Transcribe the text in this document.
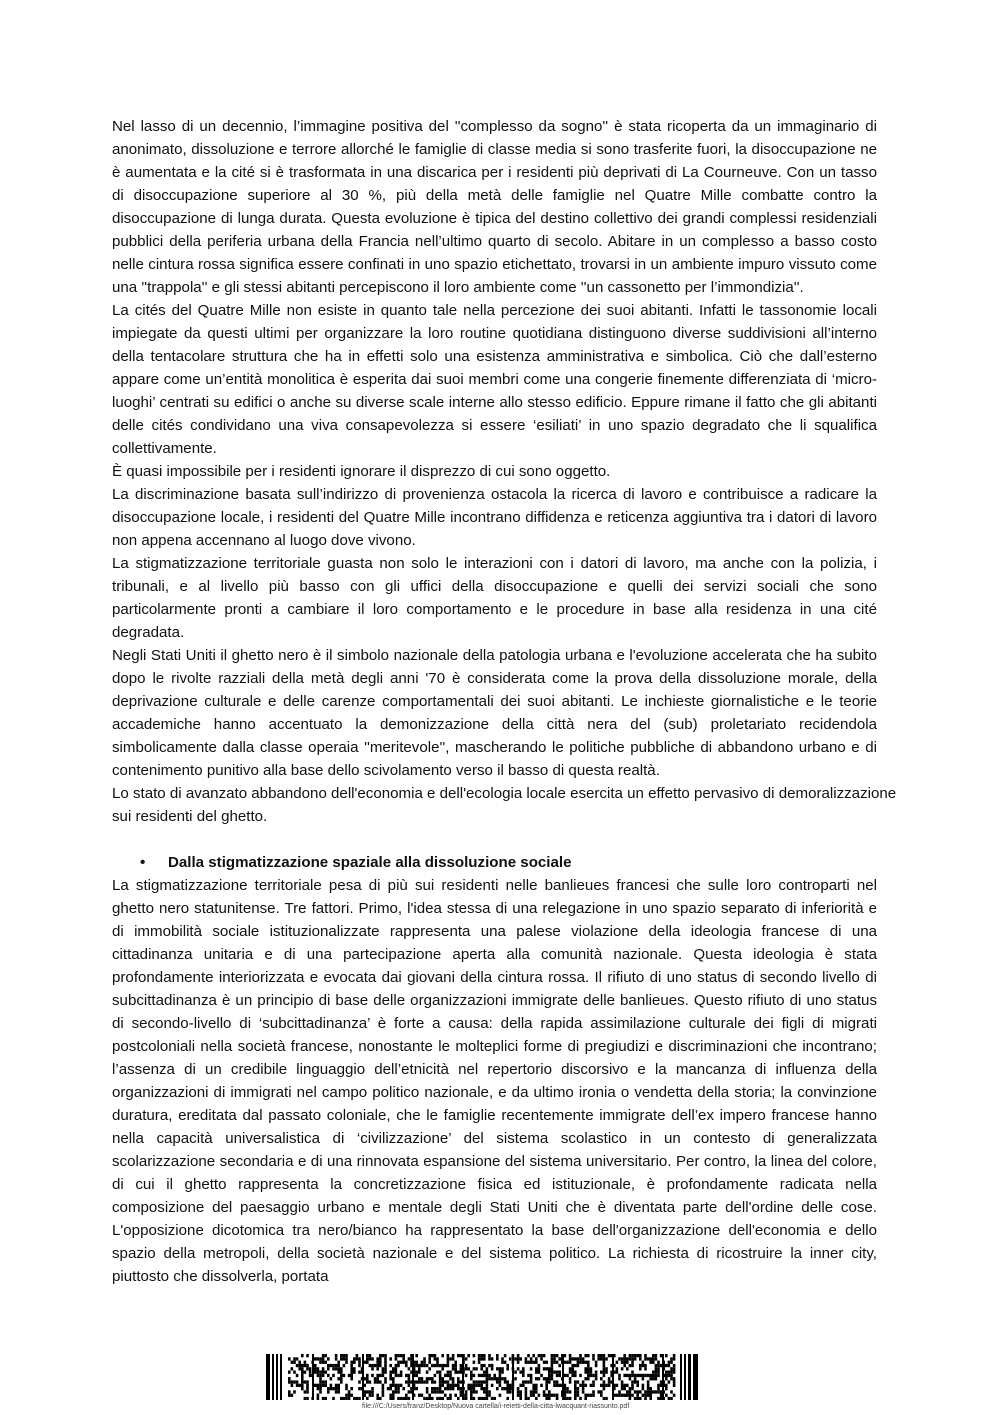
Nel lasso di un decennio, l’immagine positiva del ''complesso da sogno'' è stata ricoperta da un immaginario di anonimato, dissoluzione e terrore allorché le famiglie di classe media si sono trasferite fuori, la disoccupazione ne è aumentata e la cité si è trasformata in una discarica per i residenti più deprivati di La Courneuve. Con un tasso di disoccupazione superiore al 30 %, più della metà delle famiglie nel Quatre Mille combatte contro la disoccupazione di lunga durata. Questa evoluzione è tipica del destino collettivo dei grandi complessi residenziali pubblici della periferia urbana della Francia nell’ultimo quarto di secolo. Abitare in un complesso a basso costo nelle cintura rossa significa essere confinati in uno spazio etichettato, trovarsi in un ambiente impuro vissuto come una ''trappola'' e gli stessi abitanti percepiscono il loro ambiente come ''un cassonetto per l’immondizia''.

La cités del Quatre Mille non esiste in quanto tale nella percezione dei suoi abitanti. Infatti le tassonomie locali impiegate da questi ultimi per organizzare la loro routine quotidiana distinguono diverse suddivisioni all’interno della tentacolare struttura che ha in effetti solo una esistenza amministrativa e simbolica. Ciò che dall’esterno appare come un’entità monolitica è esperita dai suoi membri come una congerie finemente differenziata di ‘micro-luoghi’ centrati su edifici o anche su diverse scale interne allo stesso edificio. Eppure rimane il fatto che gli abitanti delle cités condividano una viva consapevolezza si essere ‘esiliati’ in uno spazio degradato che li squalifica collettivamente.

È quasi impossibile per i residenti ignorare il disprezzo di cui sono oggetto.

La discriminazione basata sull’indirizzo di provenienza ostacola la ricerca di lavoro e contribuisce a radicare la disoccupazione locale, i residenti del Quatre Mille incontrano diffidenza e reticenza aggiuntiva tra i datori di lavoro non appena accennano al luogo dove vivono.

La stigmatizzazione territoriale guasta non solo le interazioni con i datori di lavoro, ma anche con la polizia, i tribunali, e al livello più basso con gli uffici della disoccupazione e quelli dei servizi sociali che sono particolarmente pronti a cambiare il loro comportamento e le procedure in base alla residenza in una cité degradata.

Negli Stati Uniti il ghetto nero è il simbolo nazionale della patologia urbana e l'evoluzione accelerata che ha subito dopo le rivolte razziali della metà degli anni '70 è considerata come la prova della dissoluzione morale, della deprivazione culturale e delle carenze comportamentali dei suoi abitanti. Le inchieste giornalistiche e le teorie accademiche hanno accentuato la demonizzazione della città nera del (sub) proletariato recidendola simbolicamente dalla classe operaia ''meritevole'', mascherando le politiche pubbliche di abbandono urbano e di contenimento punitivo alla base dello scivolamento verso il basso di questa realtà.

Lo stato di avanzato abbandono dell'economia e dell'ecologia locale esercita un effetto pervasivo di demoralizzazione sui residenti del ghetto.

• Dalla stigmatizzazione spaziale alla dissoluzione sociale

La stigmatizzazione territoriale pesa di più sui residenti nelle banlieues francesi che sulle loro controparti nel ghetto nero statunitense. Tre fattori. Primo, l'idea stessa di una relegazione in uno spazio separato di inferiorità e di immobilità sociale istituzionalizzate rappresenta una palese violazione della ideologia francese di una cittadinanza unitaria e di una partecipazione aperta alla comunità nazionale. Questa ideologia è stata profondamente interiorizzata e evocata dai giovani della cintura rossa. Il rifiuto di uno status di secondo livello di subcittadinanza è un principio di base delle organizzazioni immigrate delle banlieues. Questo rifiuto di uno status di secondo-livello di ‘subcittadinanza’ è forte a causa: della rapida assimilazione culturale dei figli di migrati postcoloniali nella società francese, nonostante le molteplici forme di pregiudizi e discriminazioni che incontrano; l’assenza di un credibile linguaggio dell’etnicità nel repertorio discorsivo e la mancanza di influenza della organizzazioni di immigrati nel campo politico nazionale, e da ultimo ironia o vendetta della storia; la convinzione duratura, ereditata dal passato coloniale, che le famiglie recentemente immigrate dell’ex impero francese hanno nella capacità universalistica di ‘civilizzazione’ del sistema scolastico in un contesto di generalizzata scolarizzazione secondaria e di una rinnovata espansione del sistema universitario. Per contro, la linea del colore, di cui il ghetto rappresenta la concretizzazione fisica ed istituzionale, è profondamente radicata nella composizione del paesaggio urbano e mentale degli Stati Uniti che è diventata parte dell'ordine delle cose. L'opposizione dicotomica tra nero/bianco ha rappresentato la base dell'organizzazione dell'economia e dello spazio della metropoli, della società nazionale e del sistema politico. La richiesta di ricostruire la inner city, piuttosto che dissolverla, portata

file:///C:/Users/franz/Desktop/Nuova cartella/i-reietti-della-citta-lwacquant-riassunto.pdf
